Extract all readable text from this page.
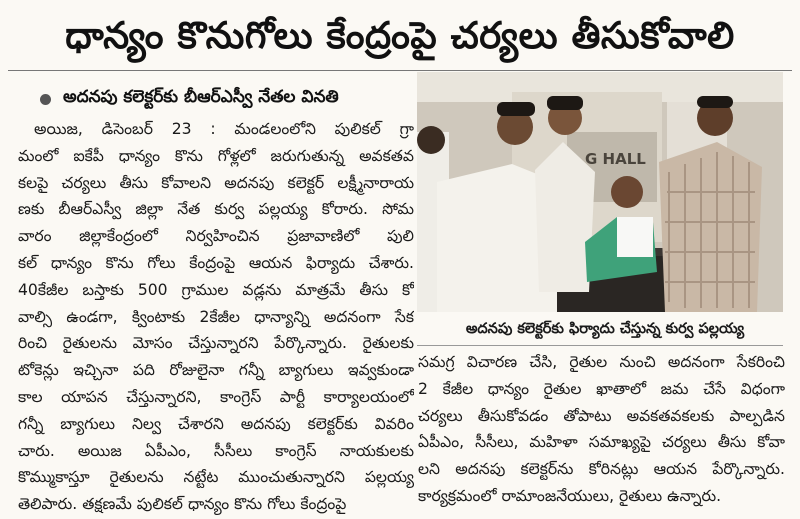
ధాన్యం కొనుగోలు కేంద్రంపై చర్యలు తీసుకోవాలి
అదనపు కలెక్టర్‌కు బీఆర్ఎస్వీ నేతల వినతి

అయిజ, డిసెంబర్ 23 : మండలంలోని పులికల్ గ్రా

మంలో ఐకేపీ ధాన్యం కొను గోళ్లలో జరుగుతున్న అవకతవ

కలపై చర్యలు తీసు కోవాలని అదనపు కలెక్టర్ లక్ష్మీనారాయ

ణకు బీఆర్ఎస్వీ జిల్లా నేత కుర్వ పల్లయ్య కోరారు. సోమ

వారం జిల్లాకేంద్రంలో నిర్వహించిన ప్రజావాణిలో పులి

కల్ ధాన్యం కొను గోలు కేంద్రంపై ఆయన ఫిర్యాదు చేశారు.

40కేజీల బస్తాకు 500 గ్రాముల వడ్లను మాత్రమే తీసు కో

వాల్సి ఉండగా, క్వింటాకు 2కేజీల ధాన్యాన్ని అదనంగా సేక

రించి రైతులను మోసం చేస్తున్నారని పేర్కొన్నారు. రైతులకు

టోకెన్లు ఇచ్చినా పది రోజులైనా గన్నీ బ్యాగులు ఇవ్వకుండా

కాల యాపన చేస్తున్నారని, కాంగ్రెస్ పార్టీ కార్యాలయంలో

గన్నీ బ్యాగులు నిల్వ చేశారని అదనపు కలెక్టర్‌కు వివరిం

చారు. అయిజ ఏపీఎం, సీసీలు కాంగ్రెస్ నాయకులకు

కొమ్ముకాస్తూ రైతులను నట్టేట ముంచుతున్నారని పల్లయ్య

తెలిపారు. తక్షణమే పులికల్ ధాన్యం కొను గోలు కేంద్రంపై

G HALL
అదనపు కలెక్టర్‌కు ఫిర్యాదు చేస్తున్న కుర్వ పల్లయ్య

సమగ్ర విచారణ చేసి, రైతుల నుంచి అదనంగా సేకరించి

2 కేజీల ధాన్యం రైతుల ఖాతాలో జమ చేసే విధంగా

చర్యలు తీసుకోవడం తోపాటు అవకతవకలకు పాల్పడిన

ఏపీఎం, సీసీలు, మహిళా సమాఖ్యపై చర్యలు తీసు కోవా

లని అదనపు కలెక్టర్‌ను కోరినట్లు ఆయన పేర్కొన్నారు.

కార్యక్రమంలో రామాంజనేయులు, రైతులు ఉన్నారు.
